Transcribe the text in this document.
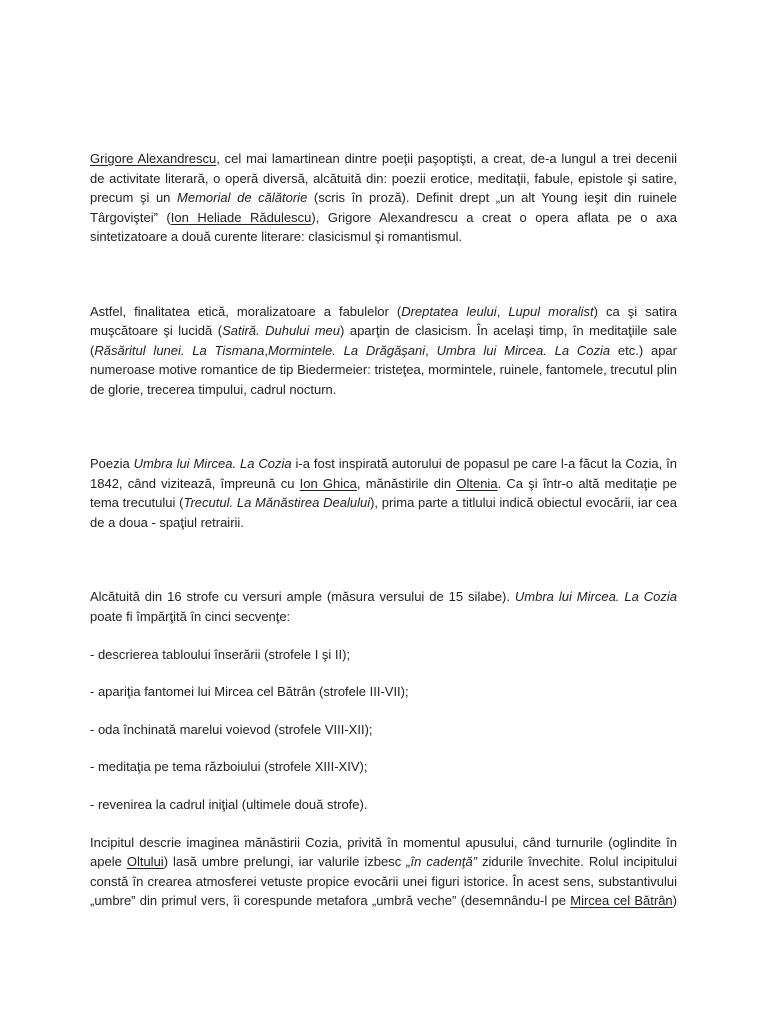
Grigore Alexandrescu, cel mai lamartinean dintre poeţii paşoptişti, a creat, de-a lungul a trei decenii de activitate literară, o operă diversă, alcătuită din: poezii erotice, meditaţii, fabule, epistole şi satire, precum şi un Memorial de călătorie (scris în proză). Definit drept „un alt Young ieşit din ruinele Târgoviştei” (Ion Heliade Rădulescu), Grigore Alexandrescu a creat o opera aflata pe o axa sintetizatoare a două curente literare: clasicismul şi romantismul.

Astfel, finalitatea etică, moralizatoare a fabulelor (Dreptatea leului, Lupul moralist) ca şi satira muşcătoare şi lucidă (Satiră. Duhului meu) aparţin de clasicism. În acelaşi timp, în meditaţiile sale (Răsăritul lunei. La Tismana,Mormintele. La Drăgăşani, Umbra lui Mircea. La Cozia etc.) apar numeroase motive romantice de tip Biedermeier: tristeţea, mormintele, ruinele, fantomele, trecutul plin de glorie, trecerea timpului, cadrul nocturn.

Poezia Umbra lui Mircea. La Cozia i-a fost inspirată autorului de popasul pe care l-a făcut la Cozia, în 1842, când vizitează, împreună cu Ion Ghica, mănăstirile din Oltenia. Ca şi într-o altă meditaţie pe tema trecutului (Trecutul. La Mănăstirea Dealului), prima parte a titlului indică obiectul evocării, iar cea de a doua - spaţiul retrairii.

Alcătuită din 16 strofe cu versuri ample (măsura versului de 15 silabe). Umbra lui Mircea. La Cozia poate fi împărţită în cinci secvenţe:

- descrierea tabloului înserării (strofele I şi II);

- apariţia fantomei lui Mircea cel Bătrân (strofele III-VII);

- oda închinată marelui voievod (strofele VIII-XII);

- meditaţia pe tema războiului (strofele XIII-XIV);

- revenirea la cadrul iniţial (ultimele două strofe).

Incipitul descrie imaginea mănăstirii Cozia, privită în momentul apusului, când turnurile (oglindite în apele Oltului) lasă umbre prelungi, iar valurile izbesc „în cadenţă” zidurile învechite. Rolul incipitului constă în crearea atmosferei vetuste propice evocării unei figuri istorice. În acest sens, substantivului „umbre” din primul vers, îi corespunde metafora „umbră veche” (desemnându-l pe Mircea cel Bătrân)
